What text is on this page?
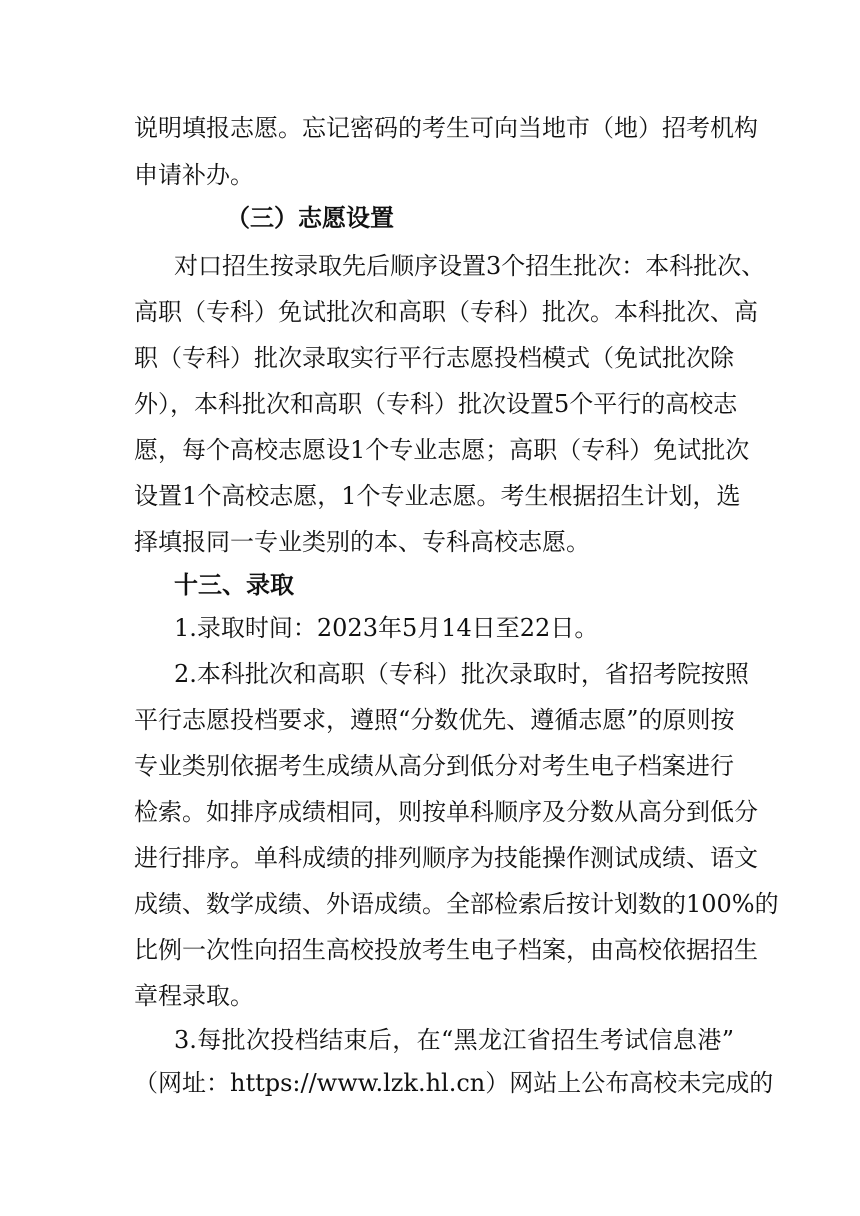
说明填报志愿。忘记密码的考生可向当地市（地）招考机构
申请补办。
（三）志愿设置
对口招生按录取先后顺序设置3个招生批次：本科批次、
高职（专科）免试批次和高职（专科）批次。本科批次、高
职（专科）批次录取实行平行志愿投档模式（免试批次除
外），本科批次和高职（专科）批次设置5个平行的高校志
愿，每个高校志愿设1个专业志愿；高职（专科）免试批次
设置1个高校志愿，1个专业志愿。考生根据招生计划，选
择填报同一专业类别的本、专科高校志愿。
十三、录取
1.录取时间：2023年5月14日至22日。
2.本科批次和高职（专科）批次录取时，省招考院按照
平行志愿投档要求，遵照“分数优先、遵循志愿”的原则按
专业类别依据考生成绩从高分到低分对考生电子档案进行
检索。如排序成绩相同，则按单科顺序及分数从高分到低分
进行排序。单科成绩的排列顺序为技能操作测试成绩、语文
成绩、数学成绩、外语成绩。全部检索后按计划数的100%的
比例一次性向招生高校投放考生电子档案，由高校依据招生
章程录取。
3.每批次投档结束后，在“黑龙江省招生考试信息港”
（网址：https://www.lzk.hl.cn）网站上公布高校未完成的
